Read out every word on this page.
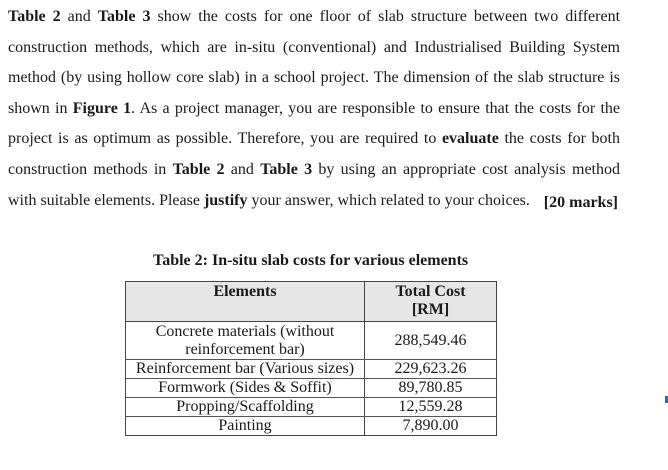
Table 2 and Table 3 show the costs for one floor of slab structure between two different construction methods, which are in-situ (conventional) and Industrialised Building System method (by using hollow core slab) in a school project. The dimension of the slab structure is shown in Figure 1. As a project manager, you are responsible to ensure that the costs for the project is as optimum as possible. Therefore, you are required to evaluate the costs for both construction methods in Table 2 and Table 3 by using an appropriate cost analysis method with suitable elements. Please justify your answer, which related to your choices. [20 marks]
Table 2: In-situ slab costs for various elements
Elements	Total Cost
[RM]
Concrete materials (without
reinforcement bar)	288,549.46
Reinforcement bar (Various sizes)	229,623.26
Formwork (Sides & Soffit)	89,780.85
Propping/Scaffolding	12,559.28
Painting	7,890.00
